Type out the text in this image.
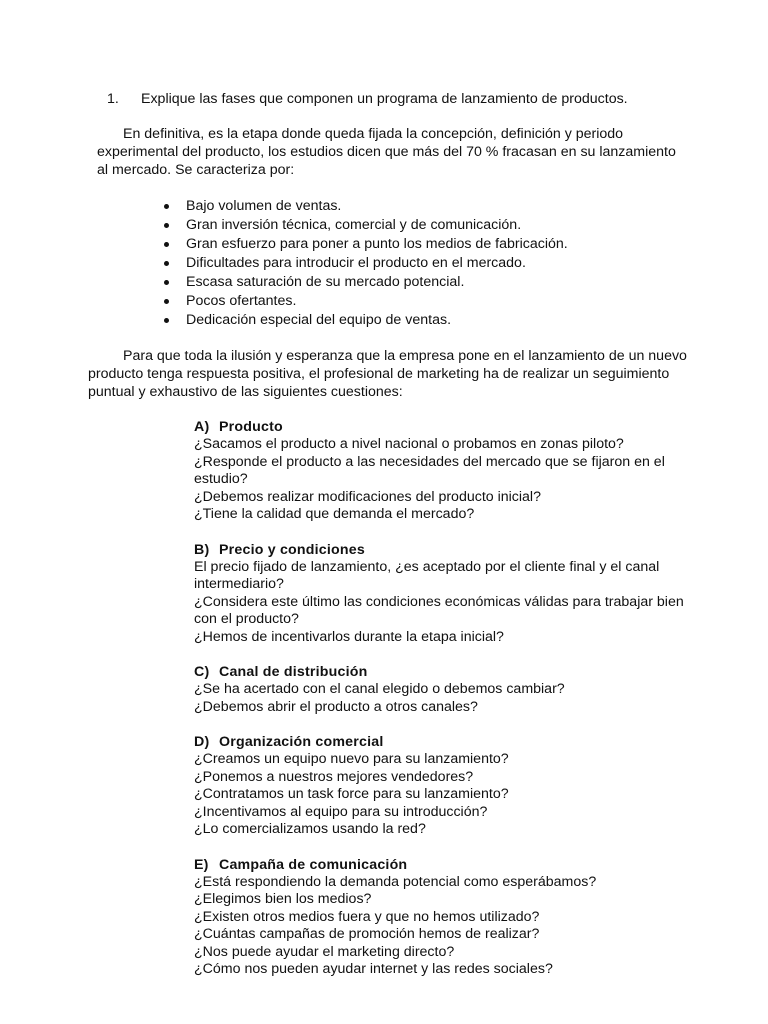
1. Explique las fases que componen un programa de lanzamiento de productos.

En definitiva, es la etapa donde queda fijada la concepción, definición y periodo experimental del producto, los estudios dicen que más del 70 % fracasan en su lanzamiento al mercado. Se caracteriza por:

Bajo volumen de ventas.
Gran inversión técnica, comercial y de comunicación.
Gran esfuerzo para poner a punto los medios de fabricación.
Dificultades para introducir el producto en el mercado.
Escasa saturación de su mercado potencial.
Pocos ofertantes.
Dedicación especial del equipo de ventas.

Para que toda la ilusión y esperanza que la empresa pone en el lanzamiento de un nuevo producto tenga respuesta positiva, el profesional de marketing ha de realizar un seguimiento puntual y exhaustivo de las siguientes cuestiones:

A) Producto

¿Sacamos el producto a nivel nacional o probamos en zonas piloto?

¿Responde el producto a las necesidades del mercado que se fijaron en el estudio?

¿Debemos realizar modificaciones del producto inicial?

¿Tiene la calidad que demanda el mercado?

B) Precio y condiciones

El precio fijado de lanzamiento, ¿es aceptado por el cliente final y el canal intermediario?

¿Considera este último las condiciones económicas válidas para trabajar bien con el producto?

¿Hemos de incentivarlos durante la etapa inicial?

C) Canal de distribución

¿Se ha acertado con el canal elegido o debemos cambiar?

¿Debemos abrir el producto a otros canales?

D) Organización comercial

¿Creamos un equipo nuevo para su lanzamiento?

¿Ponemos a nuestros mejores vendedores?

¿Contratamos un task force para su lanzamiento?

¿Incentivamos al equipo para su introducción?

¿Lo comercializamos usando la red?

E) Campaña de comunicación

¿Está respondiendo la demanda potencial como esperábamos?

¿Elegimos bien los medios?

¿Existen otros medios fuera y que no hemos utilizado?

¿Cuántas campañas de promoción hemos de realizar?

¿Nos puede ayudar el marketing directo?

¿Cómo nos pueden ayudar internet y las redes sociales?
